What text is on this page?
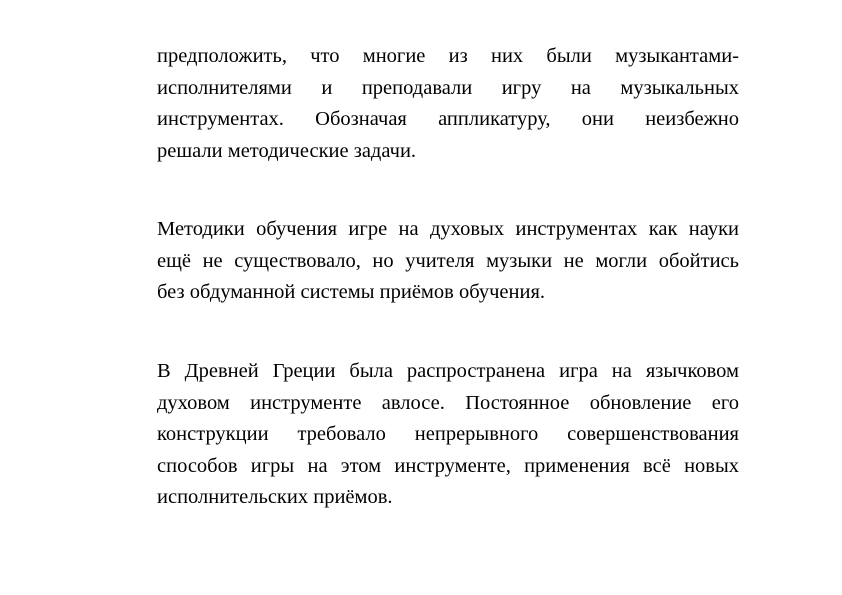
предположить, что многие из них были музыкантами-
исполнителями и преподавали игру на музыкальных
инструментах. Обозначая аппликатуру, они неизбежно
решали методические задачи.

Методики обучения игре на духовых инструментах как науки
ещё не существовало, но учителя музыки не могли обойтись
без обдуманной системы приёмов обучения.

В Древней Греции была распространена игра на язычковом
духовом инструменте авлосе. Постоянное обновление его
конструкции требовало непрерывного совершенствования
способов игры на этом инструменте, применения всё новых
исполнительских приёмов.
